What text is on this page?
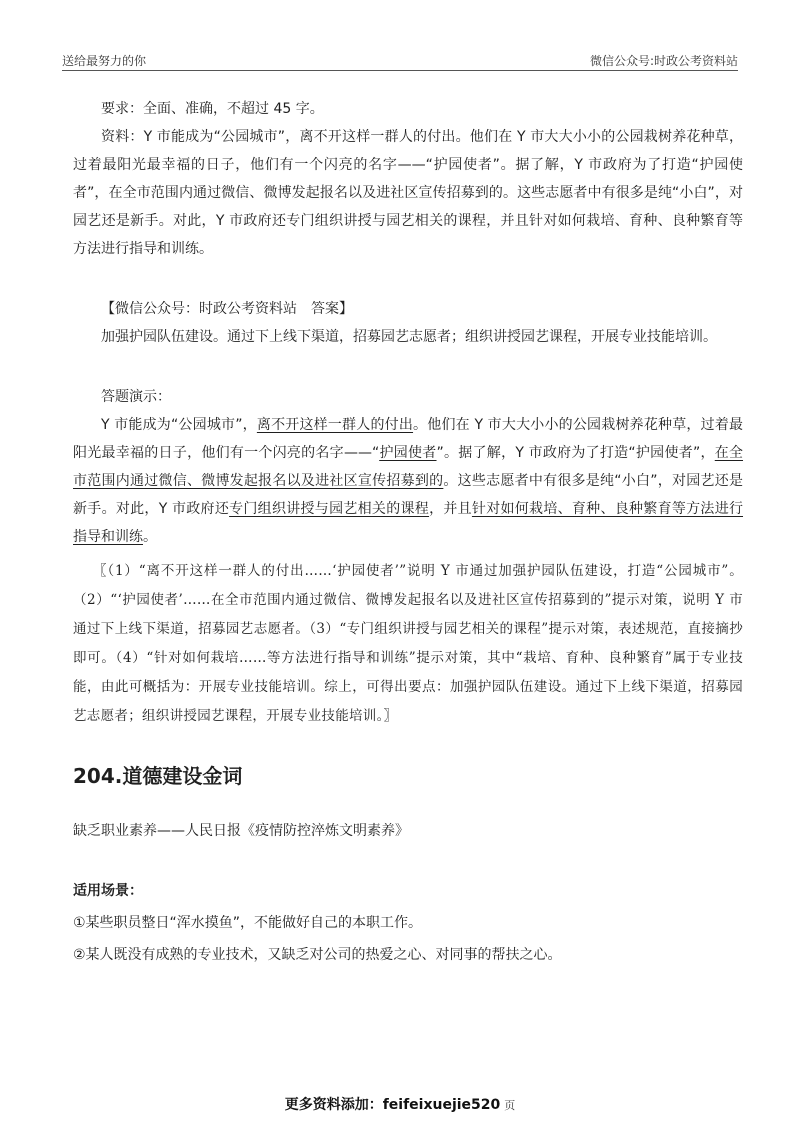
送给最努力的你	微信公众号:时政公考资料站

要求：全面、准确，不超过 45 字。

资料：Y 市能成为“公园城市”，离不开这样一群人的付出。他们在 Y 市大大小小的公园栽树养花种草，过着最阳光最幸福的日子，他们有一个闪亮的名字——“护园使者”。据了解，Y 市政府为了打造“护园使者”，在全市范围内通过微信、微博发起报名以及进社区宣传招募到的。这些志愿者中有很多是纯“小白”，对园艺还是新手。对此，Y 市政府还专门组织讲授与园艺相关的课程，并且针对如何栽培、育种、良种繁育等方法进行指导和训练。

【微信公众号：时政公考资料站　答案】

加强护园队伍建设。通过下上线下渠道，招募园艺志愿者；组织讲授园艺课程，开展专业技能培训。

答题演示：

Y 市能成为“公园城市”，离不开这样一群人的付出。他们在 Y 市大大小小的公园栽树养花种草，过着最阳光最幸福的日子，他们有一个闪亮的名字——“护园使者”。据了解，Y 市政府为了打造“护园使者”，在全市范围内通过微信、微博发起报名以及进社区宣传招募到的。这些志愿者中有很多是纯“小白”，对园艺还是新手。对此，Y 市政府还专门组织讲授与园艺相关的课程，并且针对如何栽培、育种、良种繁育等方法进行指导和训练。

〖（1）“离不开这样一群人的付出……‘护园使者’”说明 Y 市通过加强护园队伍建设，打造“公园城市”。（2）“‘护园使者’……在全市范围内通过微信、微博发起报名以及进社区宣传招募到的”提示对策，说明 Y 市通过下上线下渠道，招募园艺志愿者。（3）“专门组织讲授与园艺相关的课程”提示对策，表述规范，直接摘抄即可。（4）“针对如何栽培……等方法进行指导和训练”提示对策，其中“栽培、育种、良种繁育”属于专业技能，由此可概括为：开展专业技能培训。综上，可得出要点：加强护园队伍建设。通过下上线下渠道，招募园艺志愿者；组织讲授园艺课程，开展专业技能培训。〗

204.道德建设金词

缺乏职业素养——人民日报《疫情防控淬炼文明素养》

适用场景：

①某些职员整日“浑水摸鱼”，不能做好自己的本职工作。

②某人既没有成熟的专业技术，又缺乏对公司的热爱之心、对同事的帮扶之心。

更多资料添加：feifeixuejie520 页
